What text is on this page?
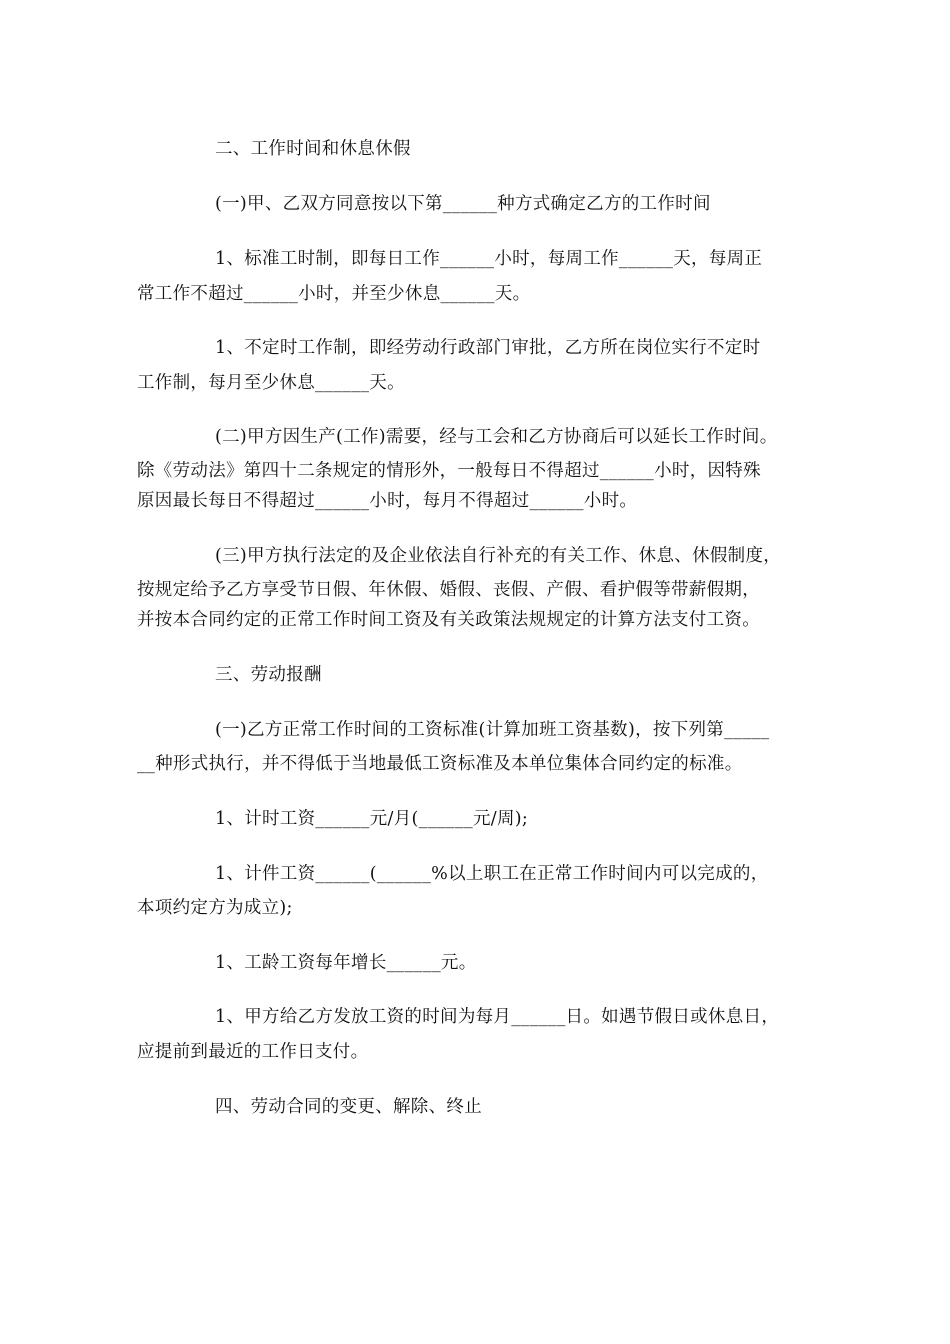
二、工作时间和休息休假
(一)甲、乙双方同意按以下第______种方式确定乙方的工作时间
1、标准工时制，即每日工作______小时，每周工作______天，每周正
常工作不超过______小时，并至少休息______天。
1、不定时工作制，即经劳动行政部门审批，乙方所在岗位实行不定时
工作制，每月至少休息______天。
(二)甲方因生产(工作)需要，经与工会和乙方协商后可以延长工作时间。
除《劳动法》第四十二条规定的情形外，一般每日不得超过______小时，因特殊
原因最长每日不得超过______小时，每月不得超过______小时。
(三)甲方执行法定的及企业依法自行补充的有关工作、休息、休假制度，
按规定给予乙方享受节日假、年休假、婚假、丧假、产假、看护假等带薪假期，
并按本合同约定的正常工作时间工资及有关政策法规规定的计算方法支付工资。
三、劳动报酬
(一)乙方正常工作时间的工资标准(计算加班工资基数)，按下列第_____
__种形式执行，并不得低于当地最低工资标准及本单位集体合同约定的标准。
1、计时工资______元/月(______元/周);
1、计件工资______(______%以上职工在正常工作时间内可以完成的，
本项约定方为成立);
1、工龄工资每年增长______元。
1、甲方给乙方发放工资的时间为每月______日。如遇节假日或休息日，
应提前到最近的工作日支付。
四、劳动合同的变更、解除、终止
